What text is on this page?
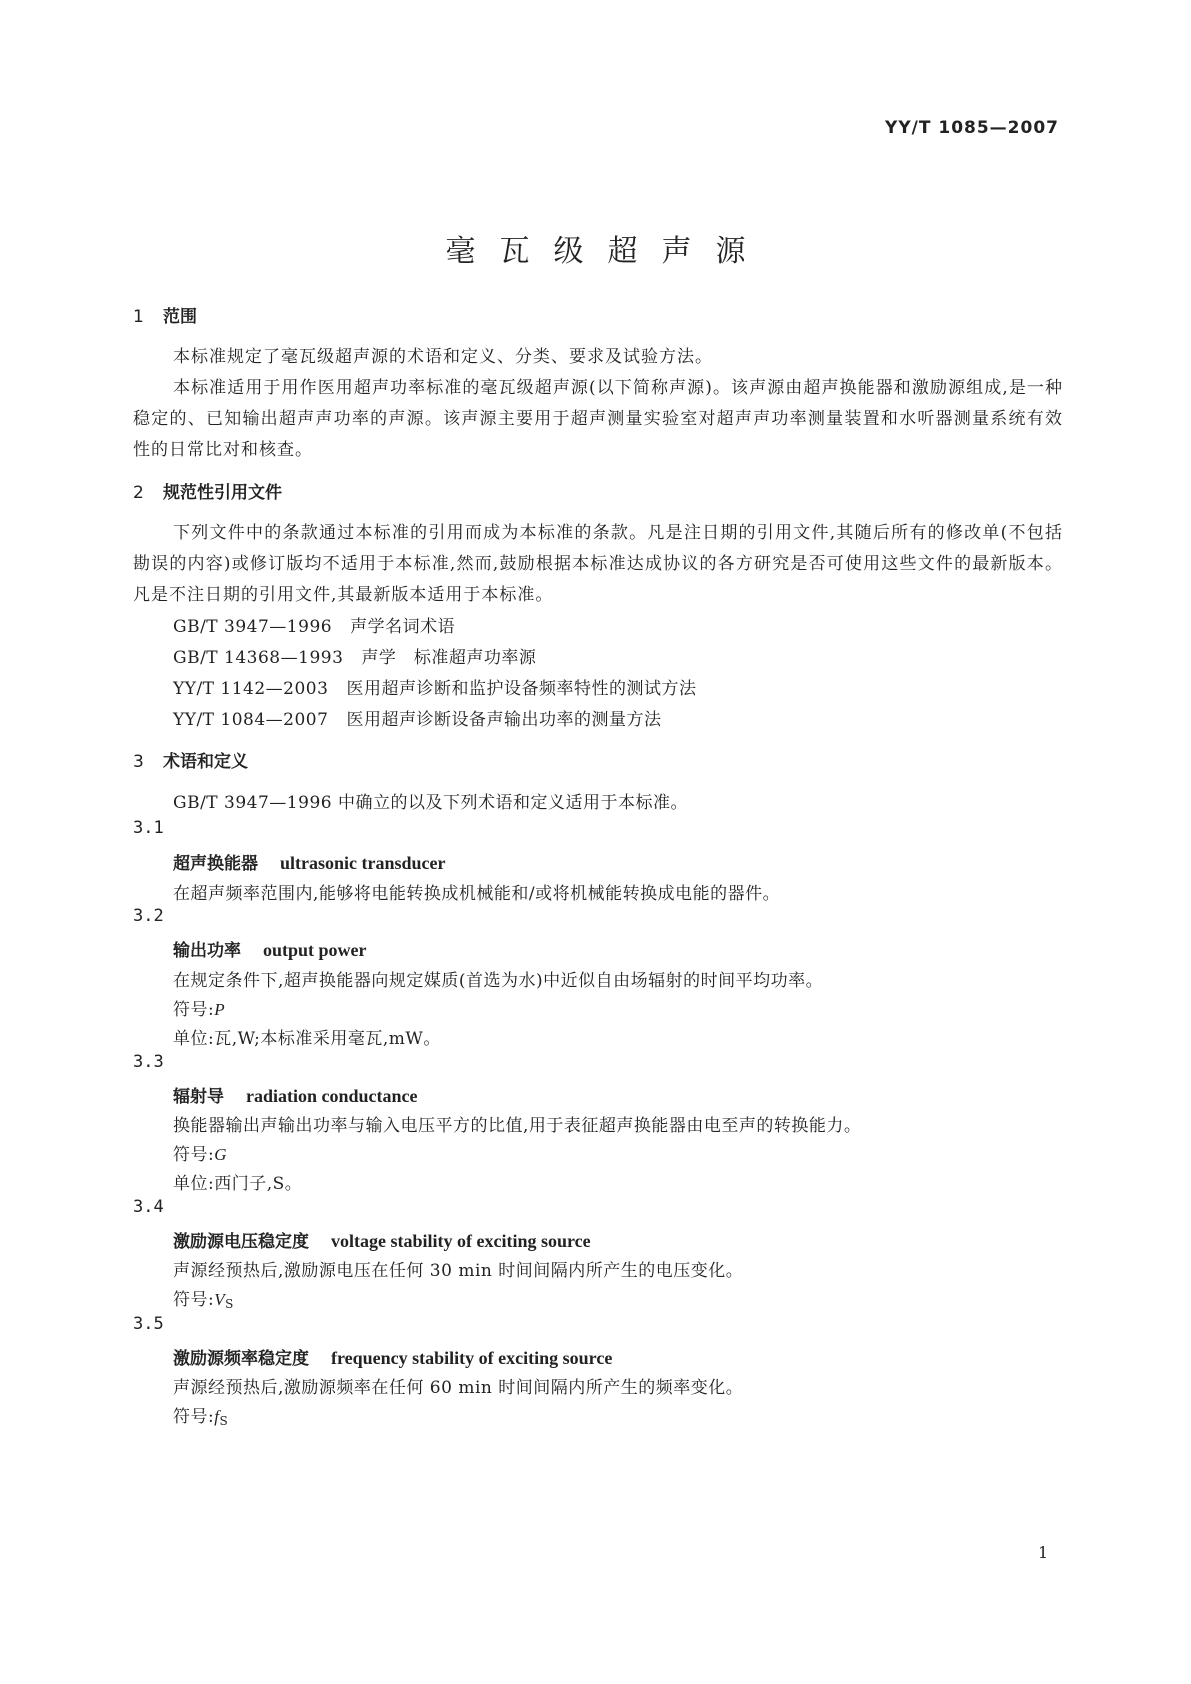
YY/T 1085—2007
毫瓦级超声源
1 范围
本标准规定了毫瓦级超声源的术语和定义、分类、要求及试验方法。
本标准适用于用作医用超声功率标准的毫瓦级超声源(以下简称声源)。该声源由超声换能器和激励源组成,是一种稳定的、已知输出超声声功率的声源。该声源主要用于超声测量实验室对超声声功率测量装置和水听器测量系统有效性的日常比对和核查。
2 规范性引用文件
下列文件中的条款通过本标准的引用而成为本标准的条款。凡是注日期的引用文件,其随后所有的修改单(不包括勘误的内容)或修订版均不适用于本标准,然而,鼓励根据本标准达成协议的各方研究是否可使用这些文件的最新版本。凡是不注日期的引用文件,其最新版本适用于本标准。
GB/T 3947—1996 声学名词术语
GB/T 14368—1993 声学　标准超声功率源
YY/T 1142—2003 医用超声诊断和监护设备频率特性的测试方法
YY/T 1084—2007 医用超声诊断设备声输出功率的测量方法
3 术语和定义
GB/T 3947—1996 中确立的以及下列术语和定义适用于本标准。
3.1
超声换能器 ultrasonic transducer
在超声频率范围内,能够将电能转换成机械能和/或将机械能转换成电能的器件。
3.2
输出功率 output power
在规定条件下,超声换能器向规定媒质(首选为水)中近似自由场辐射的时间平均功率。
符号:P
单位:瓦,W;本标准采用毫瓦,mW。
3.3
辐射导 radiation conductance
换能器输出声输出功率与输入电压平方的比值,用于表征超声换能器由电至声的转换能力。
符号:G
单位:西门子,S。
3.4
激励源电压稳定度 voltage stability of exciting source
声源经预热后,激励源电压在任何 30 min 时间间隔内所产生的电压变化。
符号$:V_S$
3.5
激励源频率稳定度 frequency stability of exciting source
声源经预热后,激励源频率在任何 60 min 时间间隔内所产生的频率变化。
符号$:f_S$
1
